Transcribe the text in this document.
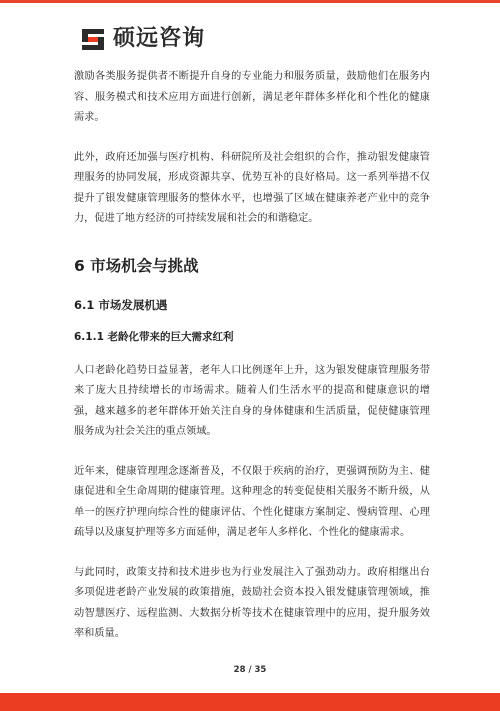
硕远咨询

激励各类服务提供者不断提升自身的专业能力和服务质量，鼓励他们在服务内容、服务模式和技术应用方面进行创新，满足老年群体多样化和个性化的健康需求。

此外，政府还加强与医疗机构、科研院所及社会组织的合作，推动银发健康管理服务的协同发展，形成资源共享、优势互补的良好格局。这一系列举措不仅提升了银发健康管理服务的整体水平，也增强了区域在健康养老产业中的竞争力，促进了地方经济的可持续发展和社会的和谐稳定。

6 市场机会与挑战

6.1 市场发展机遇

6.1.1 老龄化带来的巨大需求红利

人口老龄化趋势日益显著，老年人口比例逐年上升，这为银发健康管理服务带来了庞大且持续增长的市场需求。随着人们生活水平的提高和健康意识的增强，越来越多的老年群体开始关注自身的身体健康和生活质量，促使健康管理服务成为社会关注的重点领域。

近年来，健康管理理念逐渐普及，不仅限于疾病的治疗，更强调预防为主、健康促进和全生命周期的健康管理。这种理念的转变促使相关服务不断升级，从单一的医疗护理向综合性的健康评估、个性化健康方案制定、慢病管理、心理疏导以及康复护理等多方面延伸，满足老年人多样化、个性化的健康需求。

与此同时，政策支持和技术进步也为行业发展注入了强劲动力。政府相继出台多项促进老龄产业发展的政策措施，鼓励社会资本投入银发健康管理领域，推动智慧医疗、远程监测、大数据分析等技术在健康管理中的应用，提升服务效率和质量。

28 / 35
